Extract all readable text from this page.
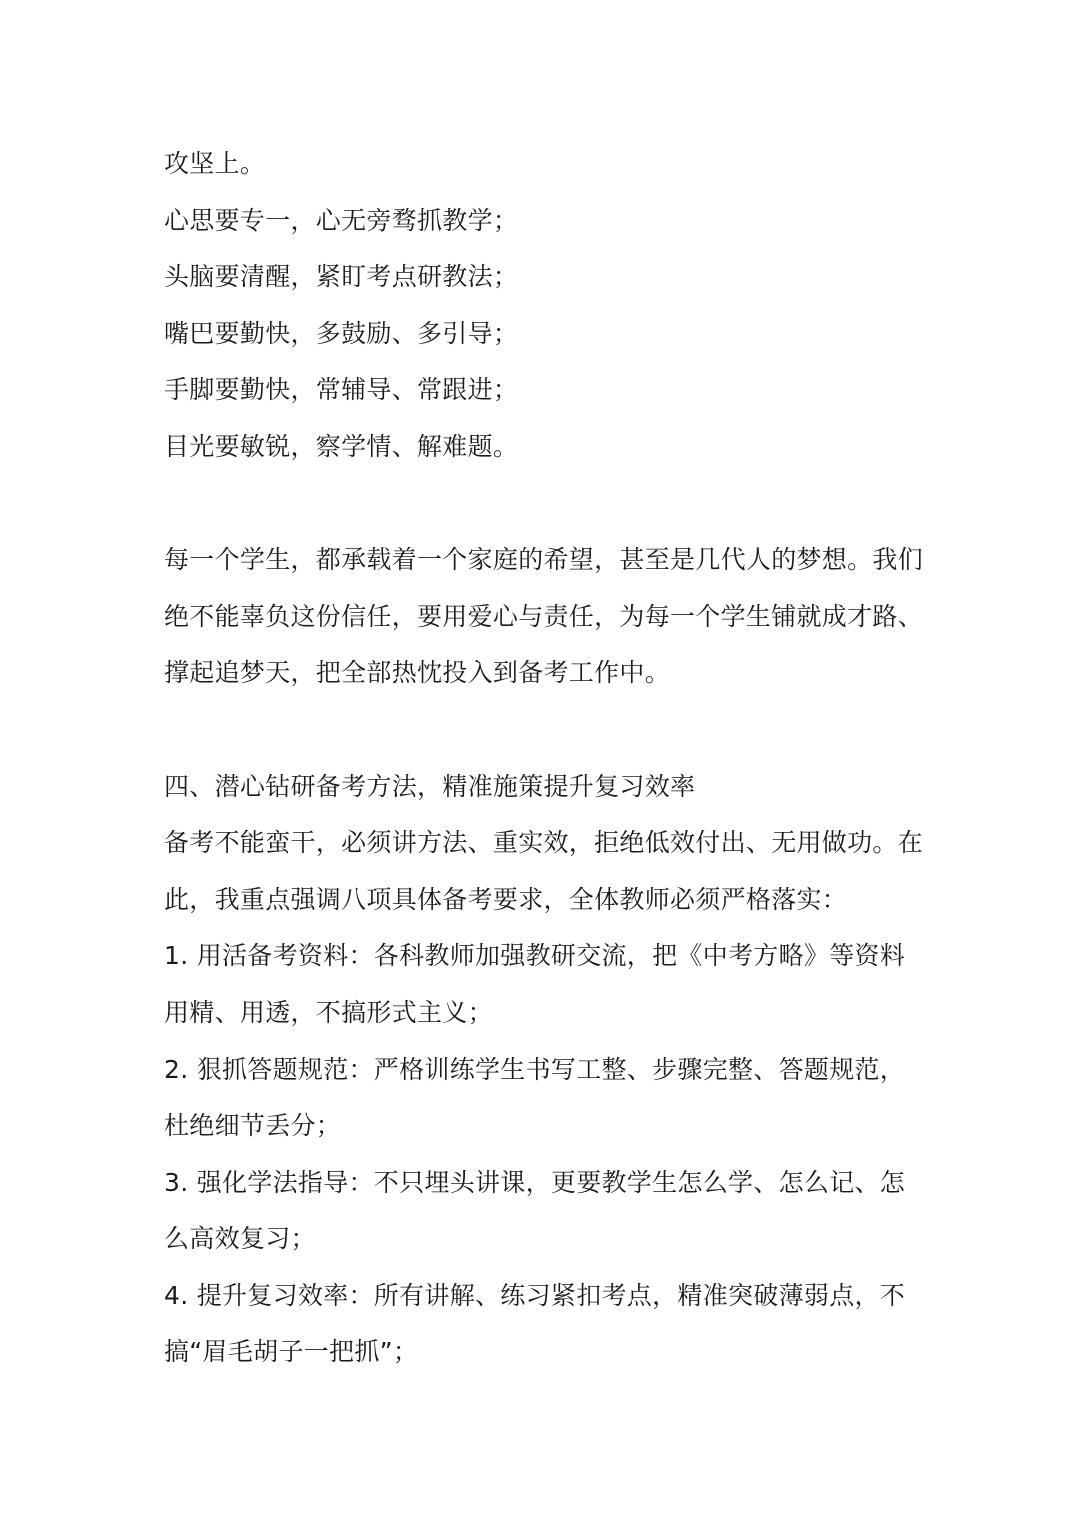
攻坚上。

心思要专一，心无旁骛抓教学；

头脑要清醒，紧盯考点研教法；

嘴巴要勤快，多鼓励、多引导；

手脚要勤快，常辅导、常跟进；

目光要敏锐，察学情、解难题。

每一个学生，都承载着一个家庭的希望，甚至是几代人的梦想。我们

绝不能辜负这份信任，要用爱心与责任，为每一个学生铺就成才路、

撑起追梦天，把全部热忱投入到备考工作中。

四、潜心钻研备考方法，精准施策提升复习效率

备考不能蛮干，必须讲方法、重实效，拒绝低效付出、无用做功。在

此，我重点强调八项具体备考要求，全体教师必须严格落实：

1. 用活备考资料：各科教师加强教研交流，把《中考方略》等资料

用精、用透，不搞形式主义；

2. 狠抓答题规范：严格训练学生书写工整、步骤完整、答题规范，

杜绝细节丢分；

3. 强化学法指导：不只埋头讲课，更要教学生怎么学、怎么记、怎

么高效复习；

4. 提升复习效率：所有讲解、练习紧扣考点，精准突破薄弱点，不

搞“眉毛胡子一把抓”；
